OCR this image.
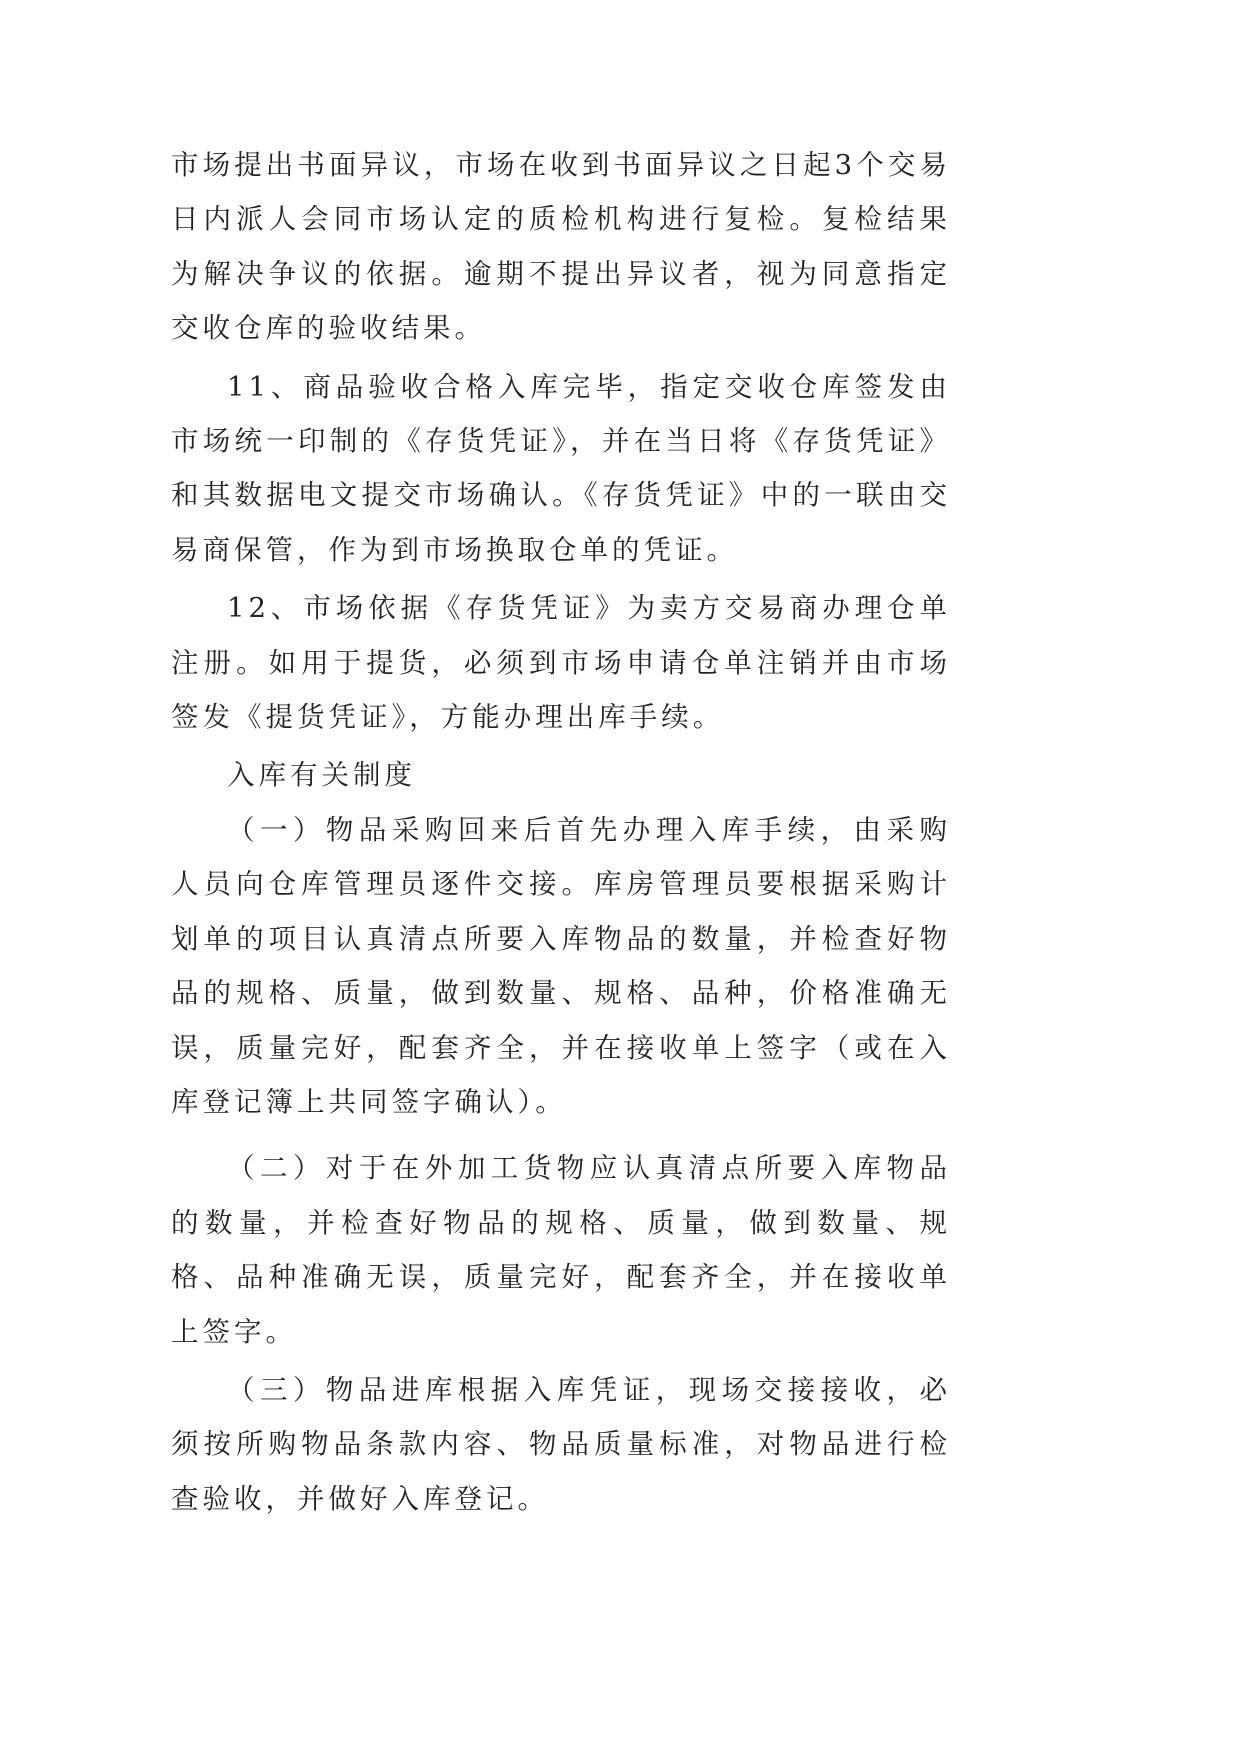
市场提出书面异议，市场在收到书面异议之日起3个交易日内派人会同市场认定的质检机构进行复检。复检结果为解决争议的依据。逾期不提出异议者，视为同意指定交收仓库的验收结果。

11、商品验收合格入库完毕，指定交收仓库签发由市场统一印制的《存货凭证》，并在当日将《存货凭证》和其数据电文提交市场确认。《存货凭证》中的一联由交易商保管，作为到市场换取仓单的凭证。

12、市场依据《存货凭证》为卖方交易商办理仓单注册。如用于提货，必须到市场申请仓单注销并由市场签发《提货凭证》，方能办理出库手续。

入库有关制度

（一）物品采购回来后首先办理入库手续，由采购人员向仓库管理员逐件交接。库房管理员要根据采购计划单的项目认真清点所要入库物品的数量，并检查好物品的规格、质量，做到数量、规格、品种，价格准确无误，质量完好，配套齐全，并在接收单上签字（或在入库登记簿上共同签字确认）。

（二）对于在外加工货物应认真清点所要入库物品的数量，并检查好物品的规格、质量，做到数量、规格、品种准确无误，质量完好，配套齐全，并在接收单上签字。

（三）物品进库根据入库凭证，现场交接接收，必须按所购物品条款内容、物品质量标准，对物品进行检查验收，并做好入库登记。
